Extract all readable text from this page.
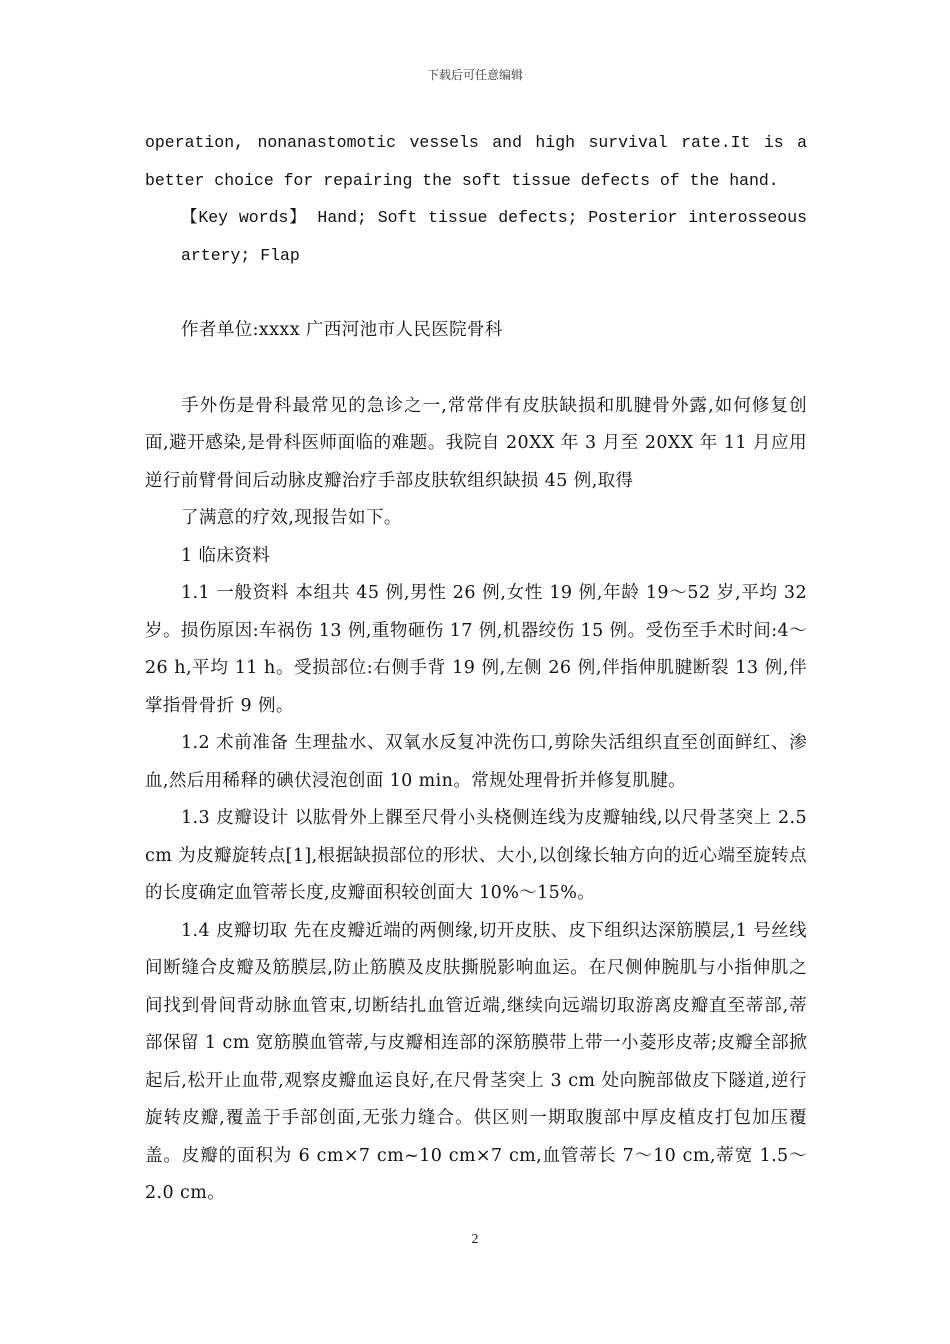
下载后可任意编辑

operation, nonanastomotic vessels and high survival rate.It is a
better choice for repairing the soft tissue defects of the hand.

【Key words】 Hand; Soft tissue defects; Posterior interosseous
artery; Flap

作者单位:xxxx 广西河池市人民医院骨科

手外伤是骨科最常见的急诊之一,常常伴有皮肤缺损和肌腱骨外露,如何修复创面,避开感染,是骨科医师面临的难题。我院自 20XX 年 3 月至 20XX 年 11 月应用逆行前臂骨间后动脉皮瓣治疗手部皮肤软组织缺损 45 例,取得

了满意的疗效,现报告如下。

1 临床资料

1.1 一般资料 本组共 45 例,男性 26 例,女性 19 例,年龄 19～52 岁,平均 32 岁。损伤原因:车祸伤 13 例,重物砸伤 17 例,机器绞伤 15 例。受伤至手术时间:4～26 h,平均 11 h。受损部位:右侧手背 19 例,左侧 26 例,伴指伸肌腱断裂 13 例,伴掌指骨骨折 9 例。

1.2 术前准备 生理盐水、双氧水反复冲洗伤口,剪除失活组织直至创面鲜红、渗血,然后用稀释的碘伏浸泡创面 10 min。常规处理骨折并修复肌腱。

1.3 皮瓣设计 以肱骨外上髁至尺骨小头桡侧连线为皮瓣轴线,以尺骨茎突上 2.5 cm 为皮瓣旋转点[1],根据缺损部位的形状、大小,以创缘长轴方向的近心端至旋转点的长度确定血管蒂长度,皮瓣面积较创面大 10%～15%。

1.4 皮瓣切取 先在皮瓣近端的两侧缘,切开皮肤、皮下组织达深筋膜层,1 号丝线间断缝合皮瓣及筋膜层,防止筋膜及皮肤撕脱影响血运。在尺侧伸腕肌与小指伸肌之间找到骨间背动脉血管束,切断结扎血管近端,继续向远端切取游离皮瓣直至蒂部,蒂部保留 1 cm 宽筋膜血管蒂,与皮瓣相连部的深筋膜带上带一小菱形皮蒂;皮瓣全部掀起后,松开止血带,观察皮瓣血运良好,在尺骨茎突上 3 cm 处向腕部做皮下隧道,逆行旋转皮瓣,覆盖于手部创面,无张力缝合。供区则一期取腹部中厚皮植皮打包加压覆盖。皮瓣的面积为 6 cm×7 cm~10 cm×7 cm,血管蒂长 7～10 cm,蒂宽 1.5～2.0 cm。

2
